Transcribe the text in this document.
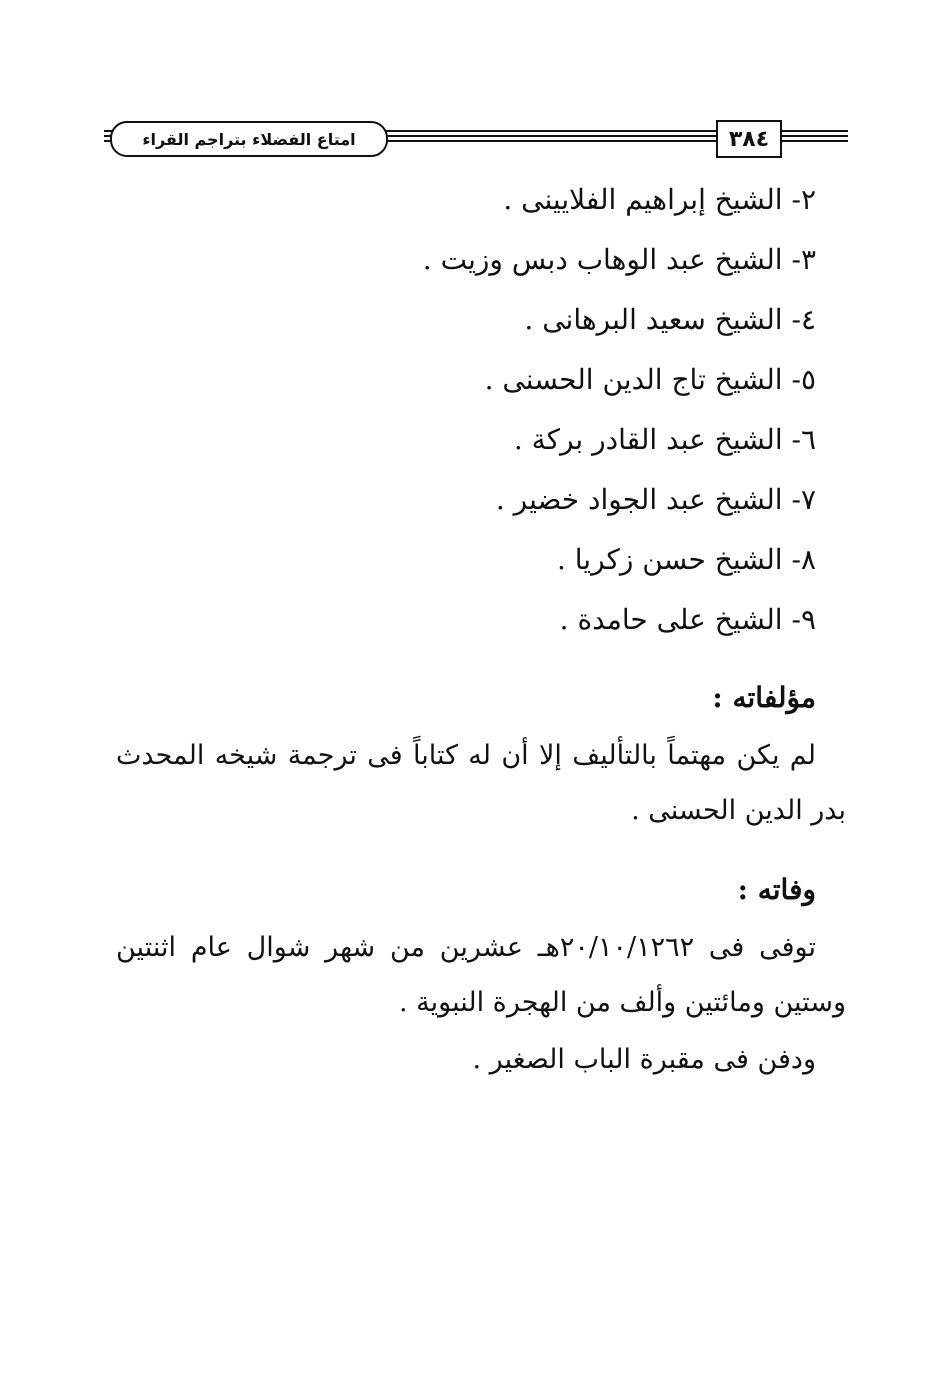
امتاع الفضلاء بتراجم القراء	٣٨٤
٢- الشيخ إبراهيم الفلايينى .
٣- الشيخ عبد الوهاب دبس وزيت .
٤- الشيخ سعيد البرهانى .
٥- الشيخ تاج الدين الحسنى .
٦- الشيخ عبد القادر بركة .
٧- الشيخ عبد الجواد خضير .
٨- الشيخ حسن زكريا .
٩- الشيخ على حامدة .
مؤلفاته :

لم يكن مهتماً بالتأليف إلا أن له كتاباً فى ترجمة شيخه المحدث بدر الدين الحسنى .

وفاته :

توفى فى ٢٠/١٠/١٢٦٢هـ عشرين من شهر شوال عام اثنتين وستين ومائتين وألف من الهجرة النبوية .

ودفن فى مقبرة الباب الصغير .
